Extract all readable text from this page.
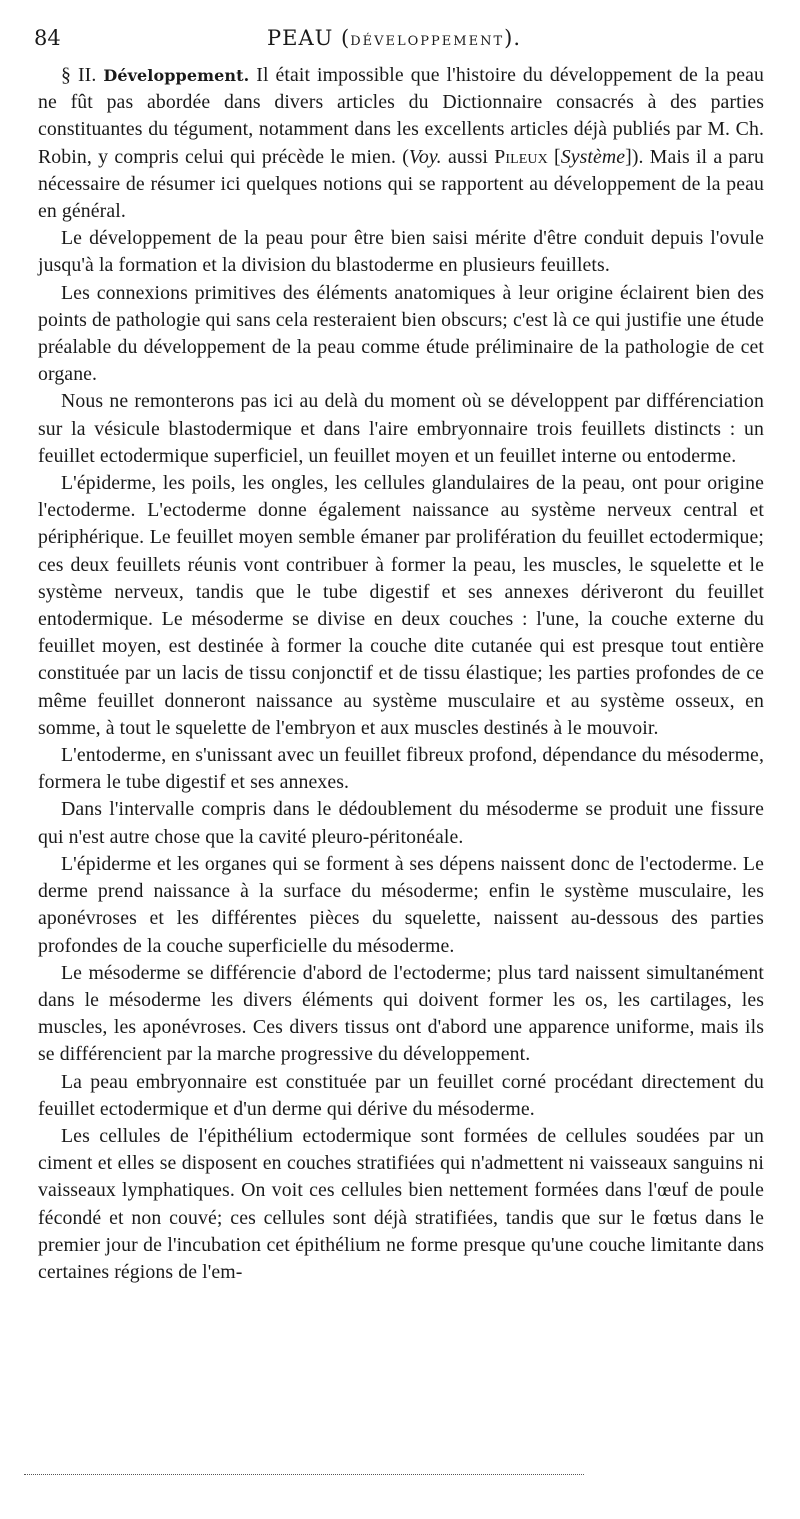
84	PEAU (DÉVELOPPEMENT).

§ II. Développement. Il était impossible que l'histoire du développement de la peau ne fût pas abordée dans divers articles du Dictionnaire consacrés à des parties constituantes du tégument, notamment dans les excellents articles déjà publiés par M. Ch. Robin, y compris celui qui précède le mien. (Voy. aussi Pileux [Système]). Mais il a paru nécessaire de résumer ici quelques notions qui se rapportent au développement de la peau en général.

Le développement de la peau pour être bien saisi mérite d'être conduit depuis l'ovule jusqu'à la formation et la division du blastoderme en plusieurs feuillets.

Les connexions primitives des éléments anatomiques à leur origine éclairent bien des points de pathologie qui sans cela resteraient bien obscurs; c'est là ce qui justifie une étude préalable du développement de la peau comme étude préliminaire de la pathologie de cet organe.

Nous ne remonterons pas ici au delà du moment où se développent par différenciation sur la vésicule blastodermique et dans l'aire embryonnaire trois feuillets distincts : un feuillet ectodermique superficiel, un feuillet moyen et un feuillet interne ou entoderme.

L'épiderme, les poils, les ongles, les cellules glandulaires de la peau, ont pour origine l'ectoderme. L'ectoderme donne également naissance au système nerveux central et périphérique. Le feuillet moyen semble émaner par prolifération du feuillet ectodermique; ces deux feuillets réunis vont contribuer à former la peau, les muscles, le squelette et le système nerveux, tandis que le tube digestif et ses annexes dériveront du feuillet entodermique. Le mésoderme se divise en deux couches : l'une, la couche externe du feuillet moyen, est destinée à former la couche dite cutanée qui est presque tout entière constituée par un lacis de tissu conjonctif et de tissu élastique; les parties profondes de ce même feuillet donneront naissance au système musculaire et au système osseux, en somme, à tout le squelette de l'embryon et aux muscles destinés à le mouvoir.

L'entoderme, en s'unissant avec un feuillet fibreux profond, dépendance du mésoderme, formera le tube digestif et ses annexes.

Dans l'intervalle compris dans le dédoublement du mésoderme se produit une fissure qui n'est autre chose que la cavité pleuro-péritonéale.

L'épiderme et les organes qui se forment à ses dépens naissent donc de l'ectoderme. Le derme prend naissance à la surface du mésoderme; enfin le système musculaire, les aponévroses et les différentes pièces du squelette, naissent au-dessous des parties profondes de la couche superficielle du mésoderme.

Le mésoderme se différencie d'abord de l'ectoderme; plus tard naissent simultanément dans le mésoderme les divers éléments qui doivent former les os, les cartilages, les muscles, les aponévroses. Ces divers tissus ont d'abord une apparence uniforme, mais ils se différencient par la marche progressive du développement.

La peau embryonnaire est constituée par un feuillet corné procédant directement du feuillet ectodermique et d'un derme qui dérive du mésoderme.

Les cellules de l'épithélium ectodermique sont formées de cellules soudées par un ciment et elles se disposent en couches stratifiées qui n'admettent ni vaisseaux sanguins ni vaisseaux lymphatiques. On voit ces cellules bien nettement formées dans l'œuf de poule fécondé et non couvé; ces cellules sont déjà stratifiées, tandis que sur le fœtus dans le premier jour de l'incubation cet épithélium ne forme presque qu'une couche limitante dans certaines régions de l'em-
